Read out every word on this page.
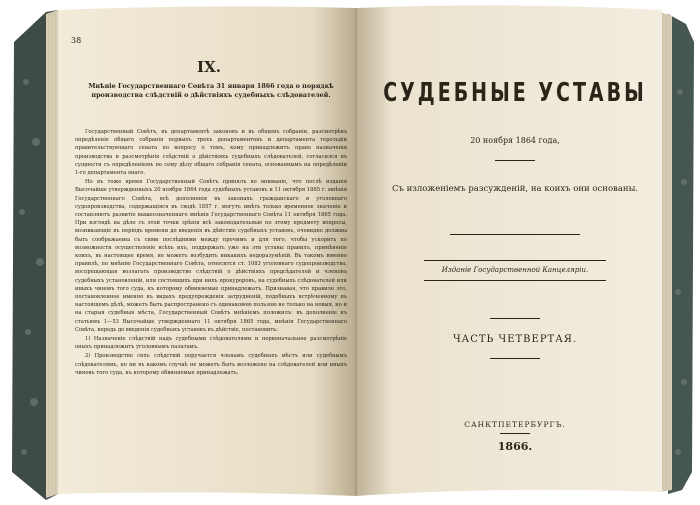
38
IX.
Мнѣніе Государственнаго Совѣта 31 января 1866 года о порядкѣ производства слѣдствій о дѣйствіяхъ судебныхъ слѣдователей.

Государственный Совѣтъ, въ департаментѣ законовъ и въ общемъ собраніи, разсмотрѣвъ опредѣленіе общаго собранія первыхъ трехъ департаментовъ и департамента герольдіи правительствующаго сената по вопросу о томъ, кому принадлежитъ право назначенія производства и разсмотрѣнія слѣдствій о дѣйствіяхъ судебныхъ слѣдователей, согласился въ сущности съ опредѣленіемъ по сему дѣлу общаго собранія сената, основаннымъ на опредѣленіи 1-го департамента онаго.

Но въ тоже время Государственный Совѣтъ принялъ во вниманіе, что послѣ изданія Высочайше утвержденныхъ 20 ноября 1864 года судебныхъ уставовъ и 11 октября 1865 г. мнѣнія Государственнаго Совѣта, всѣ дополненія въ законахъ гражданскаго и уголовнаго судопроизводства, содержащіяся въ сводѣ 1857 г. могутъ имѣть только временное значеніе и составляютъ развитіе вышеозначеннаго мнѣнія Государственнаго Совѣта 11 октября 1865 года. При взглядѣ на дѣло съ этой точки зрѣнія всѣ законодательные по этому предмету вопросы, возникающіе въ періодъ времени до введенія въ дѣйствіе судебныхъ уставовъ, очевидно должны быть соображаемы съ сими послѣдними между прочимъ и для того, чтобы ускорить по возможности осуществленіе всѣхъ ихъ, поддержать уже на эти уставы правилъ, примѣненіе коихъ, въ настоящее время, не можетъ возбудить никакихъ недоразумѣній. Въ такомъ именно правилѣ, по мнѣнію Государственнаго Совѣта, относится ст. 1083 уголовнаго судопроизводства, воспрещающая возлагать производство слѣдствій о дѣйствіяхъ предсѣдателей и членовъ судебныхъ установленій, или состоящихъ при нихъ прокуроровъ, на судебныхъ слѣдователей или иныхъ чиновъ того суда, къ которому обвиняемые принадлежатъ. Признавая, что правило это, постановленное именно въ видахъ предупрежденія затрудненій, подобныхъ встрѣченному въ настоящемъ дѣлѣ, можетъ быть распространено съ одинаковою пользою не только на новыя, но и на старыя судебныя мѣста, Государственный Совѣтъ мнѣніемъ положилъ: въ дополненіе къ статьямъ 1—53 Высочайше утвержденнаго 11 октября 1865 года, мнѣнія Государственнаго Совѣта, впредь до введенія судебныхъ уставовъ въ дѣйствіе, постановить:

1) Назначеніе слѣдствій надъ судебными слѣдователями и первоначальное разсмотрѣніе оныхъ принадлежитъ уголовнымъ палатамъ.

2) Производство сихъ слѣдствій поручается членамъ судебныхъ мѣстъ или судебнымъ слѣдователямъ, но ни въ какомъ случаѣ не можетъ быть возложено на слѣдователей или иныхъ чиновъ того суда, къ которому обвиняемые принадлежатъ.

СУДЕБНЫЕ УСТАВЫ
20 ноября 1864 года,
Съ изложеніемъ разсужденій, на коихъ они основаны.
Изданіе Государственной Канцеляріи.
ЧАСТЬ ЧЕТВЕРТАЯ.
САНКТПЕТЕРБУРГЪ.
1866.
